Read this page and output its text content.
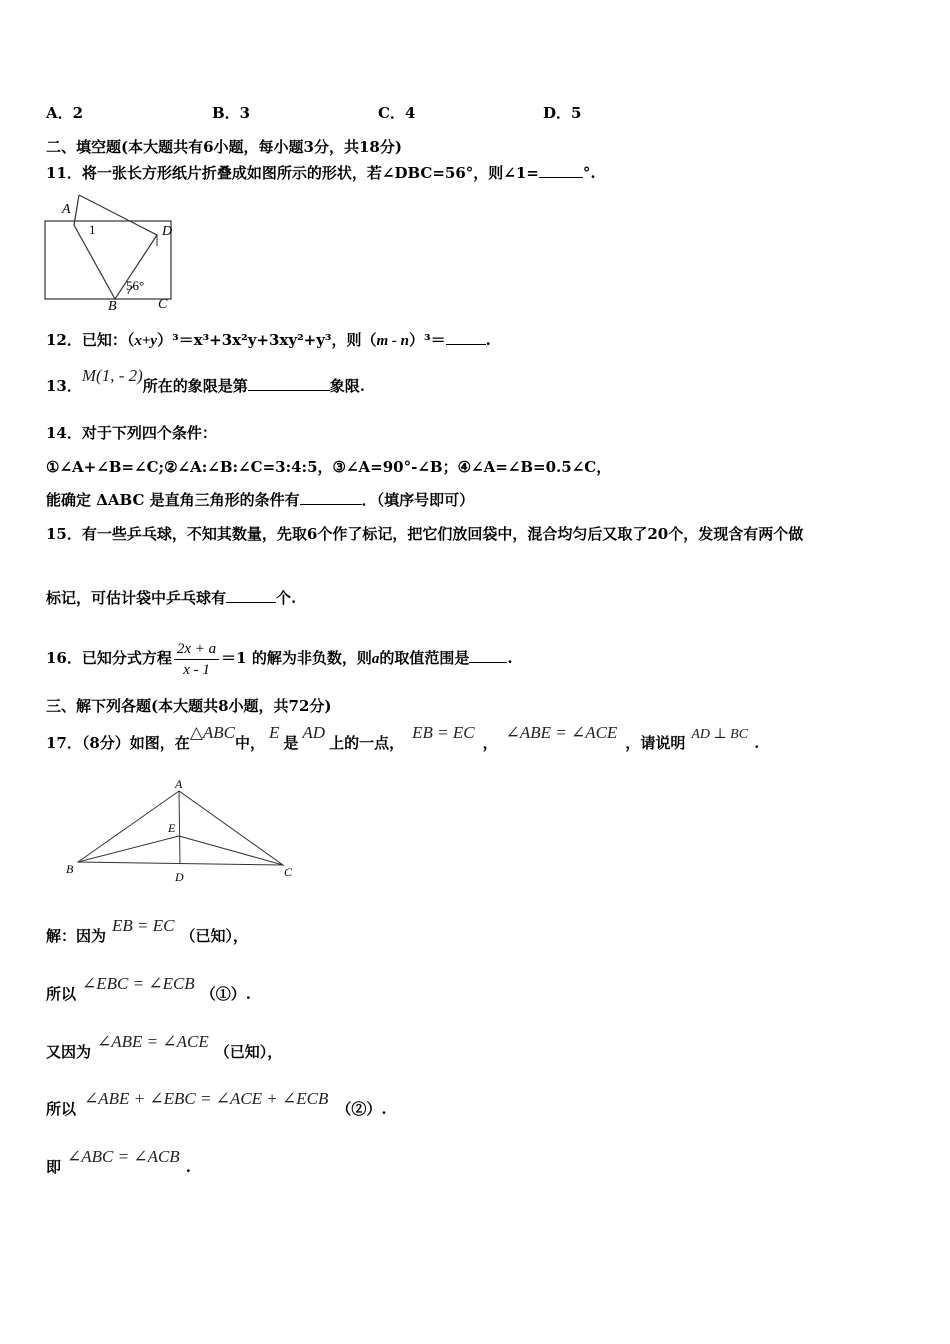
A．2	B．3	C．4	D．5
二、填空题(本大题共有6小题，每小题3分，共18分)
11．将一张长方形纸片折叠成如图所示的形状，若∠DBC=56°，则∠1=	°.
A
1	D
56°
B	C
12．已知：（x+y）³＝x³+3x²y+3xy²+y³，则（m - n）³＝	.
13．M(1, - 2)所在的象限是第	象限.
14．对于下列四个条件：
①∠A+∠B=∠C;②∠A:∠B:∠C=3:4:5，③∠A=90°-∠B；④∠A=∠B=0.5∠C，
能确定 ΔABC 是直角三角形的条件有	．（填序号即可）
15．有一些乒乓球，不知其数量，先取6个作了标记，把它们放回袋中，混合均匀后又取了20个，发现含有两个做
标记，可估计袋中乒乓球有	个.
16．已知分式方程 $\frac{2x + a}{x - 1} =1$ 的解为非负数，则a的取值范围是	.
三、解下列各题(本大题共8小题，共72分)
17．（8分）如图，在△ABC中，E是AD上的一点，EB = EC，∠ABE = ∠ACE，请说明 AD ⊥ BC .
A
E
B
D	C
解：因为EB = EC（已知），
所以∠EBC = ∠ECB（①）.
又因为∠ABE = ∠ACE（已知），
所以∠ABE + ∠EBC = ∠ACE + ∠ECB（②）.
即∠ABC = ∠ACB.
